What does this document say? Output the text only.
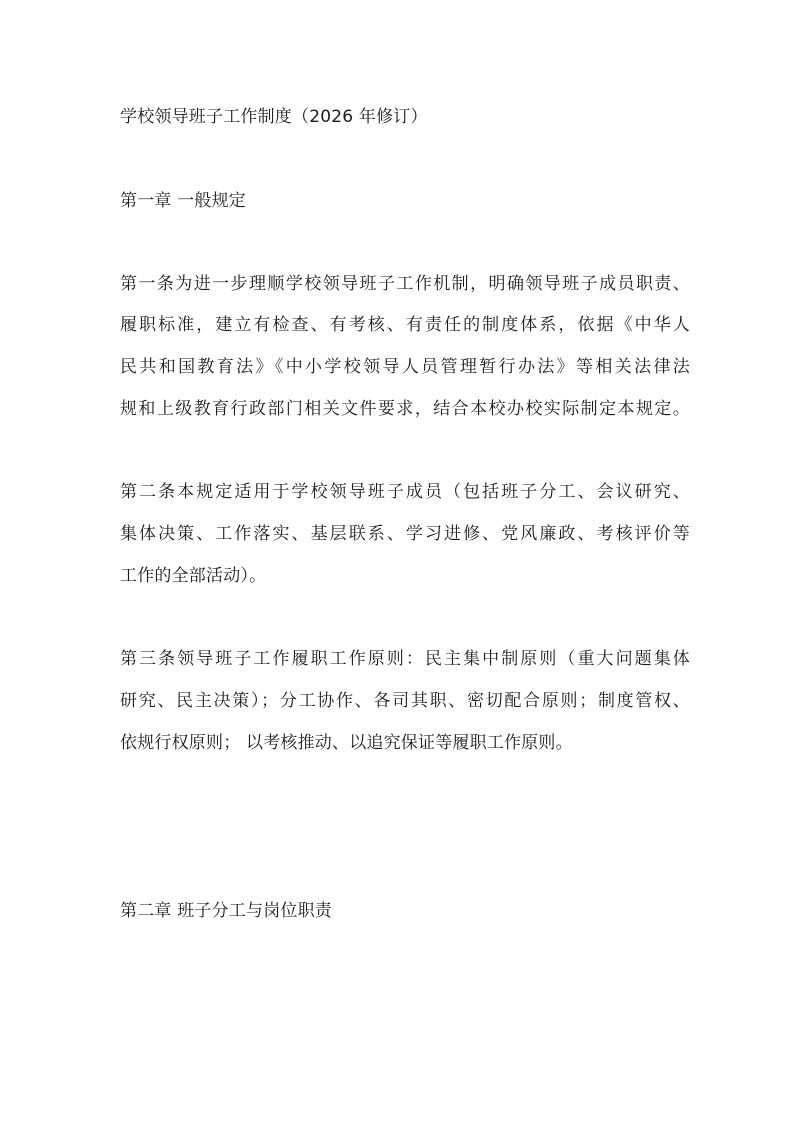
学校领导班子工作制度（2026 年修订）
第一章 一般规定
第一条为进一步理顺学校领导班子工作机制，明确领导班子成员职责、
履职标准，建立有检查、有考核、有责任的制度体系，依据《中华人
民共和国教育法》《中小学校领导人员管理暂行办法》等相关法律法
规和上级教育行政部门相关文件要求，结合本校办校实际制定本规定。
第二条本规定适用于学校领导班子成员（包括班子分工、会议研究、
集体决策、工作落实、基层联系、学习进修、党风廉政、考核评价等
工作的全部活动）。
第三条领导班子工作履职工作原则：民主集中制原则（重大问题集体
研究、民主决策）；分工协作、各司其职、密切配合原则；制度管权、
依规行权原则； 以考核推动、以追究保证等履职工作原则。
第二章 班子分工与岗位职责
